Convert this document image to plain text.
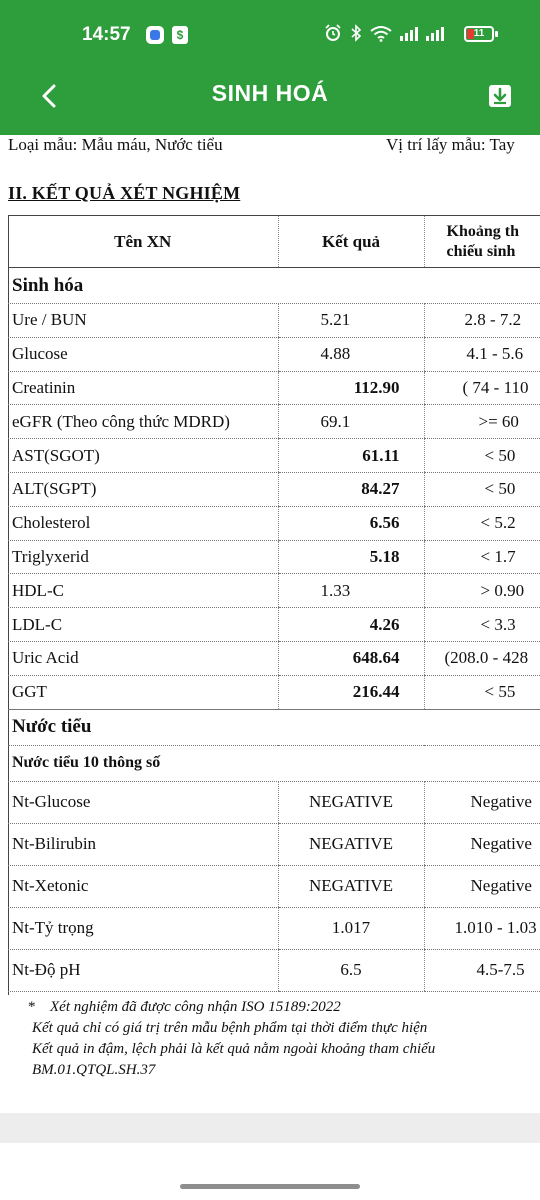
14:57	$	11
SINH HOÁ
Loại mẫu: Mẫu máu, Nước tiểu	Vị trí lấy mẫu: Tay
II. KẾT QUẢ XÉT NGHIỆM
Tên XN	Kết quả	Khoảng th
chiếu sinh

Sinh hóa		
Ure / BUN	5.21	2.8 - 7.2
Glucose	4.88	4.1 - 5.6
Creatinin	112.90	( 74 - 110
eGFR (Theo công thức MDRD)	69.1	>= 60
AST(SGOT)	61.11	< 50
ALT(SGPT)	84.27	< 50
Cholesterol	6.56	< 5.2
Triglyxerid	5.18	< 1.7
HDL-C	1.33	> 0.90
LDL-C	4.26	< 3.3
Uric Acid	648.64	(208.0 - 428
GGT	216.44	< 55
Nước tiểu		
Nước tiểu 10 thông số		
Nt-Glucose	NEGATIVE	Negative
Nt-Bilirubin	NEGATIVE	Negative
Nt-Xetonic	NEGATIVE	Negative
Nt-Tỷ trọng	1.017	1.010 - 1.03
Nt-Độ pH	6.5	4.5-7.5
* Xét nghiệm đã được công nhận ISO 15189:2022
Kết quả chỉ có giá trị trên mẫu bệnh phẩm tại thời điểm thực hiện
Kết quả in đậm, lệch phải là kết quả nằm ngoài khoảng tham chiếu
BM.01.QTQL.SH.37
